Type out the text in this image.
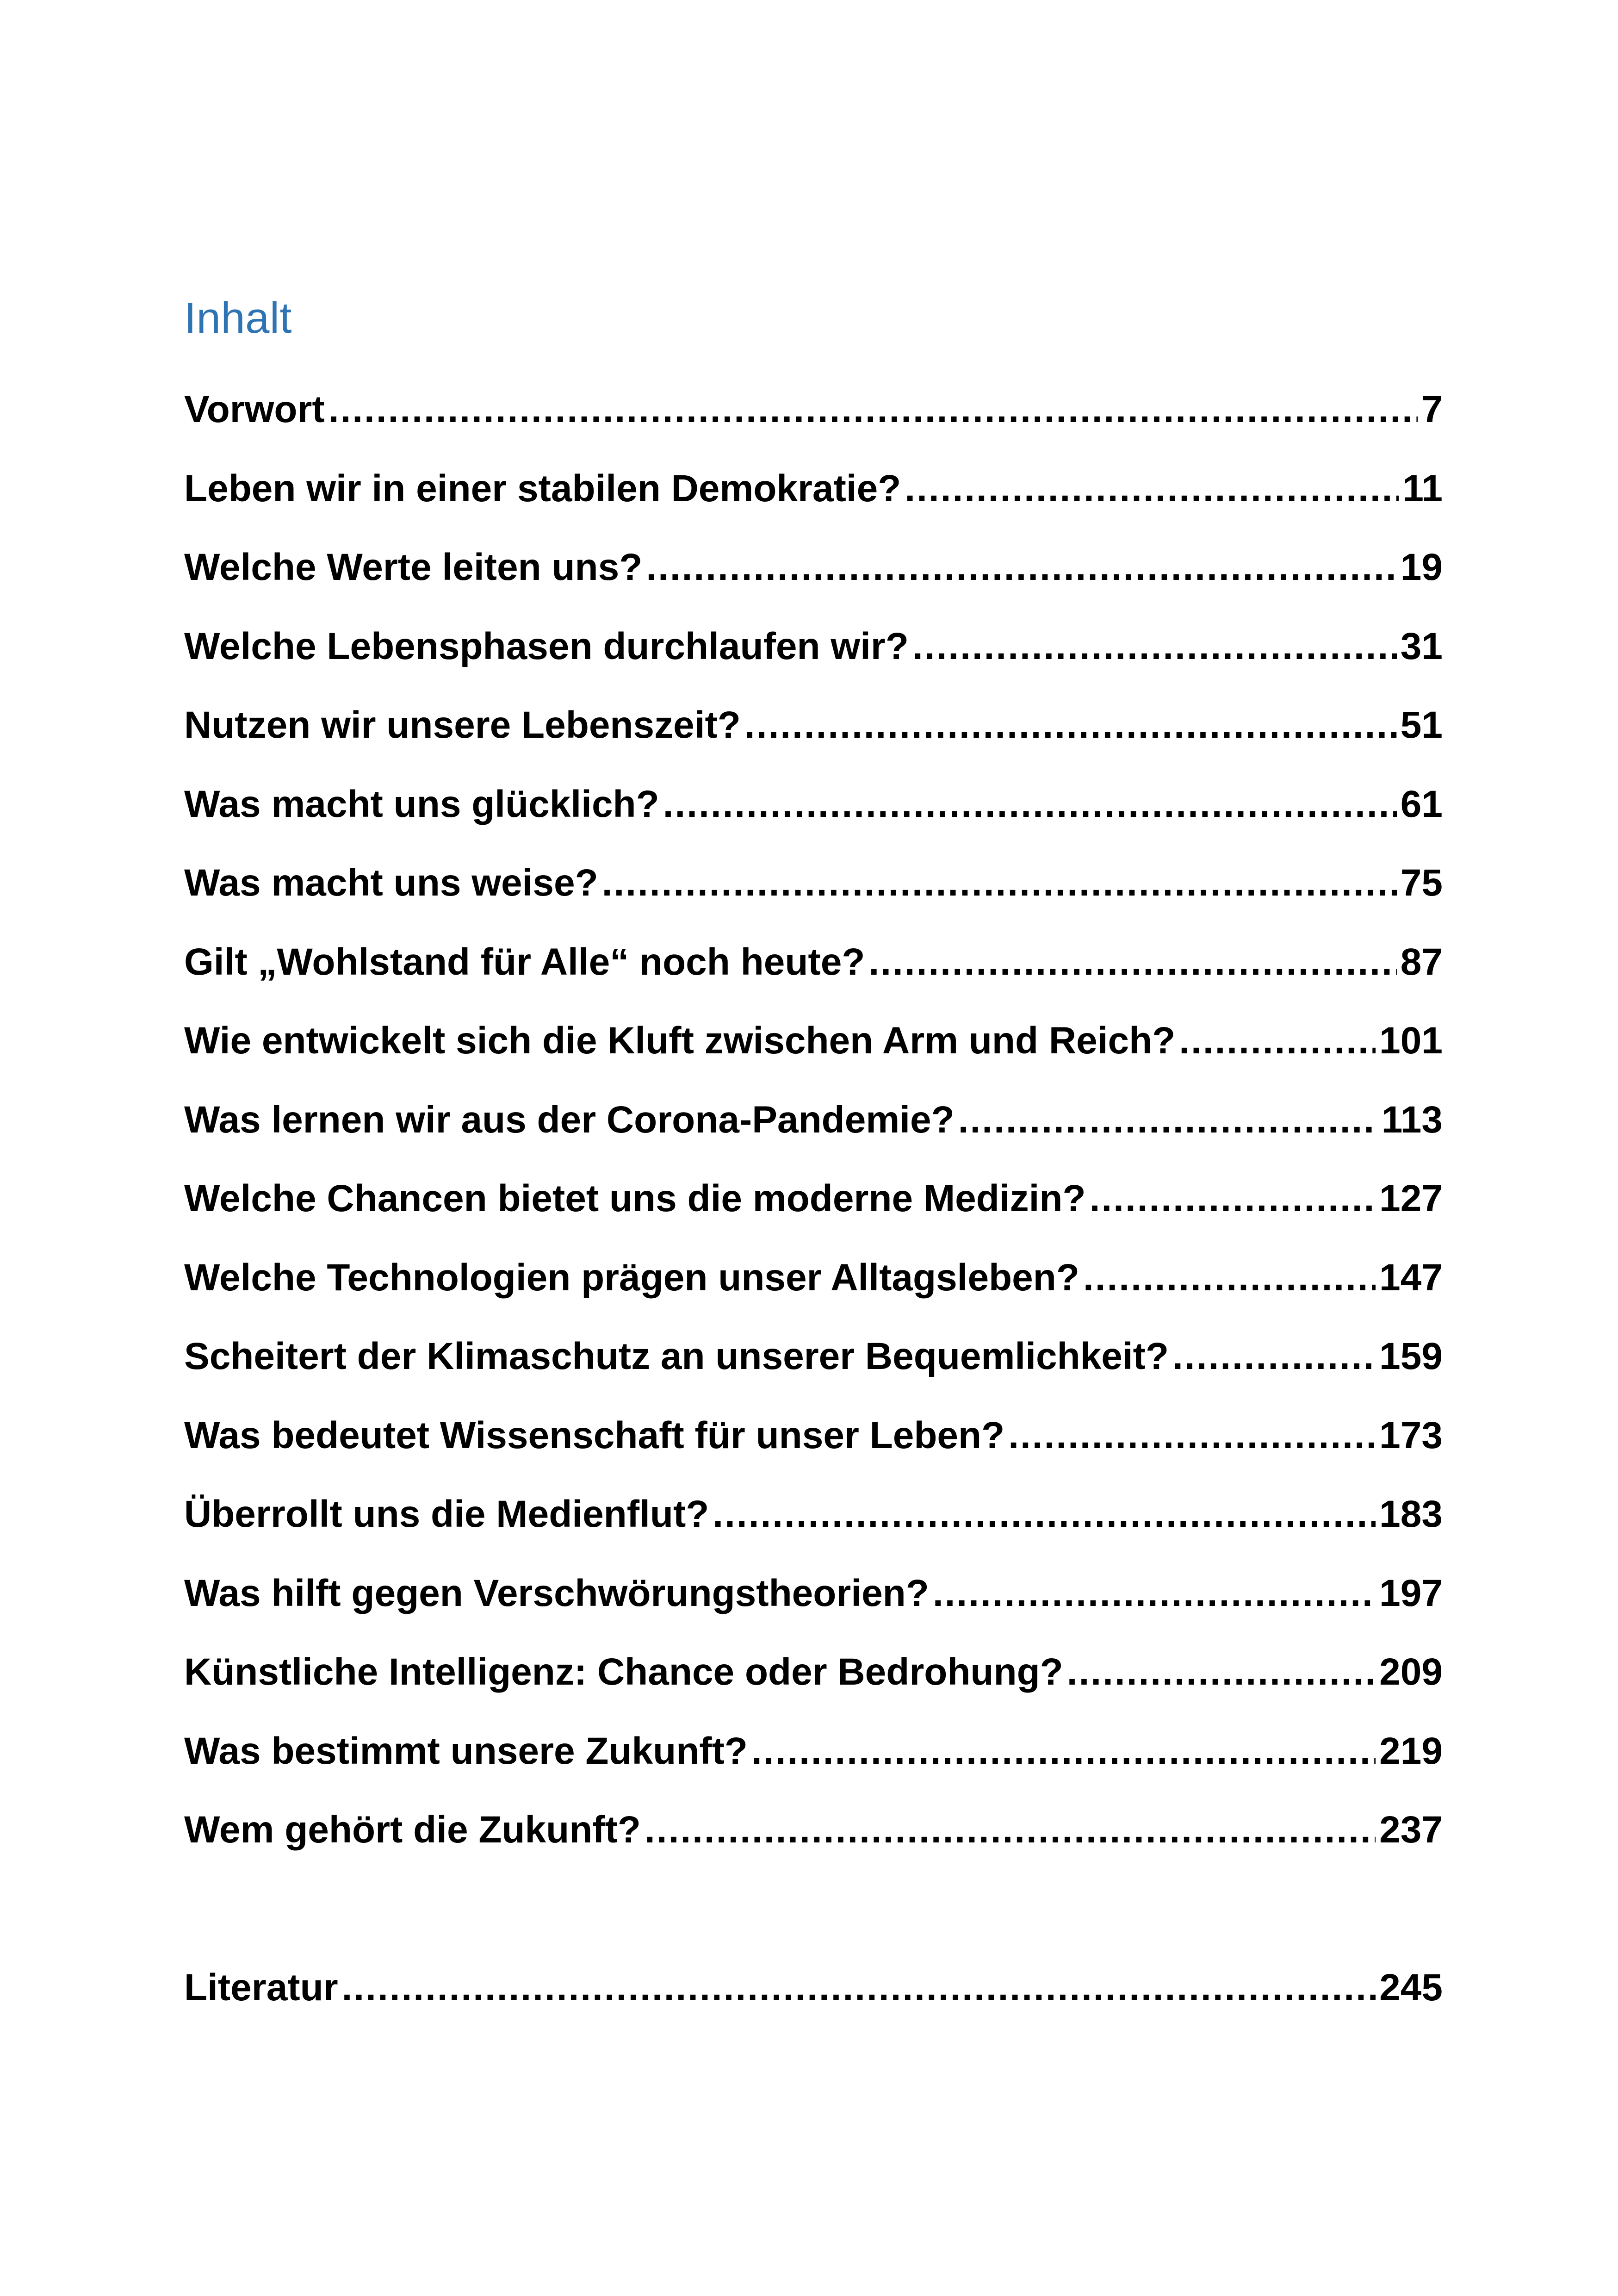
Inhalt
Vorwort .....	7
Leben wir in einer stabilen Demokratie? .....	11
Welche Werte leiten uns? .....	19
Welche Lebensphasen durchlaufen wir? .....	31
Nutzen wir unsere Lebenszeit? .....	51
Was macht uns glücklich? .....	61
Was macht uns weise? .....	75
Gilt „Wohlstand für Alle“ noch heute? .....	87
Wie entwickelt sich die Kluft zwischen Arm und Reich? .....	101
Was lernen wir aus der Corona-Pandemie? .....	113
Welche Chancen bietet uns die moderne Medizin? .....	127
Welche Technologien prägen unser Alltagsleben? .....	147
Scheitert der Klimaschutz an unserer Bequemlichkeit? .....	159
Was bedeutet Wissenschaft für unser Leben? .....	173
Überrollt uns die Medienflut? .....	183
Was hilft gegen Verschwörungstheorien? .....	197
Künstliche Intelligenz: Chance oder Bedrohung? .....	209
Was bestimmt unsere Zukunft? .....	219
Wem gehört die Zukunft? .....	237
Literatur .....	245
